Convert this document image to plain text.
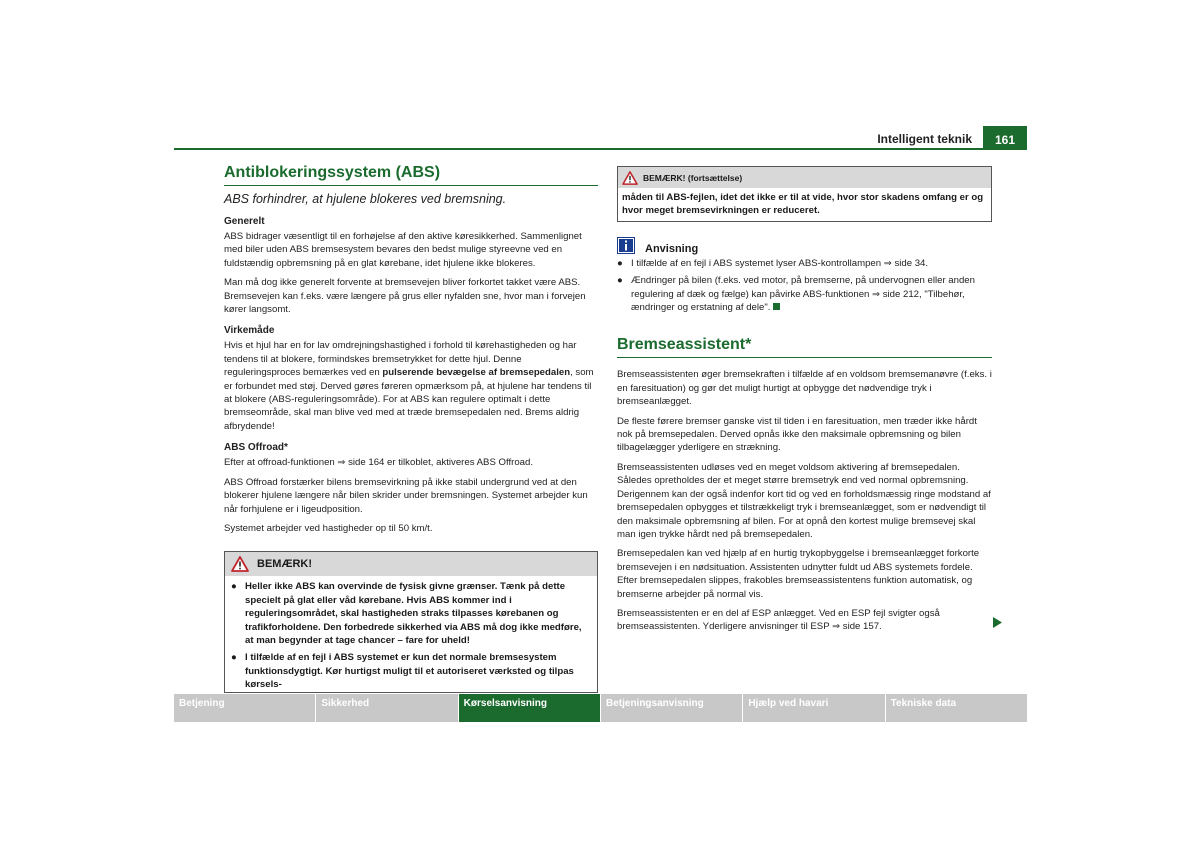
Intelligent teknik	161
Antiblokeringssystem (ABS)
ABS forhindrer, at hjulene blokeres ved bremsning.
Generelt

ABS bidrager væsentligt til en forhøjelse af den aktive køresikkerhed. Sammenlignet med biler uden ABS bremsesystem bevares den bedst mulige styreevne ved en fuldstændig opbremsning på en glat kørebane, idet hjulene ikke blokeres.

Man må dog ikke generelt forvente at bremsevejen bliver forkortet takket være ABS. Bremsevejen kan f.eks. være længere på grus eller nyfalden sne, hvor man i forvejen kører langsomt.

Virkemåde

Hvis et hjul har en for lav omdrejningshastighed i forhold til kørehastigheden og har tendens til at blokere, formindskes bremsetrykket for dette hjul. Denne reguleringsproces bemærkes ved en pulserende bevægelse af bremsepedalen, som er forbundet med støj. Derved gøres føreren opmærksom på, at hjulene har tendens til at blokere (ABS-reguleringsområde). For at ABS kan regulere optimalt i dette bremseområde, skal man blive ved med at træde bremsepedalen ned. Brems aldrig afbrydende!

ABS Offroad*

Efter at offroad-funktionen ⇒ side 164 er tilkoblet, aktiveres ABS Offroad.

ABS Offroad forstærker bilens bremsevirkning på ikke stabil undergrund ved at den blokerer hjulene længere når bilen skrider under bremsningen. Systemet arbejder kun når forhjulene er i ligeudposition.

Systemet arbejder ved hastigheder op til 50 km/t.

BEMÆRK!
● Heller ikke ABS kan overvinde de fysisk givne grænser. Tænk på dette specielt på glat eller våd kørebane. Hvis ABS kommer ind i reguleringsområdet, skal hastigheden straks tilpasses kørebanen og trafikforholdene. Den forbedrede sikkerhed via ABS må dog ikke medføre, at man begynder at tage chancer – fare for uheld!
● I tilfælde af en fejl i ABS systemet er kun det normale bremsesystem funktionsdygtigt. Kør hurtigst muligt til et autoriseret værksted og tilpas kørsels-
BEMÆRK! (fortsættelse)
måden til ABS-fejlen, idet det ikke er til at vide, hvor stor skadens omfang er og hvor meget bremsevirkningen er reduceret.
Anvisning
● I tilfælde af en fejl i ABS systemet lyser ABS-kontrollampen ⇒ side 34.
● Ændringer på bilen (f.eks. ved motor, på bremserne, på undervognen eller anden regulering af dæk og fælge) kan påvirke ABS-funktionen ⇒ side 212, "Tilbehør, ændringer og erstatning af dele".
Bremseassistent*

Bremseassistenten øger bremsekraften i tilfælde af en voldsom bremsemanøvre (f.eks. i en faresituation) og gør det muligt hurtigt at opbygge det nødvendige tryk i bremseanlægget.

De fleste førere bremser ganske vist til tiden i en faresituation, men træder ikke hårdt nok på bremsepedalen. Derved opnås ikke den maksimale opbremsning og bilen tilbagelægger yderligere en strækning.

Bremseassistenten udløses ved en meget voldsom aktivering af bremsepedalen. Således opretholdes der et meget større bremsetryk end ved normal opbremsning. Derigennem kan der også indenfor kort tid og ved en forholdsmæssig ringe modstand af bremsepedalen opbygges et tilstrækkeligt tryk i bremseanlægget, som er nødvendigt til den maksimale opbremsning af bilen. For at opnå den kortest mulige bremsevej skal man igen trykke hårdt ned på bremsepedalen.

Bremsepedalen kan ved hjælp af en hurtig trykopbyggelse i bremseanlægget forkorte bremsevejen i en nødsituation. Assistenten udnytter fuldt ud ABS systemets fordele. Efter bremsepedalen slippes, frakobles bremseassistentens funktion automatisk, og bremserne arbejder på normal vis.

Bremseassistenten er en del af ESP anlægget. Ved en ESP fejl svigter også bremseassistenten. Yderligere anvisninger til ESP ⇒ side 157.

Betjening	Sikkerhed	Kørselsanvisning	Betjeningsanvisning	Hjælp ved havari	Tekniske data
